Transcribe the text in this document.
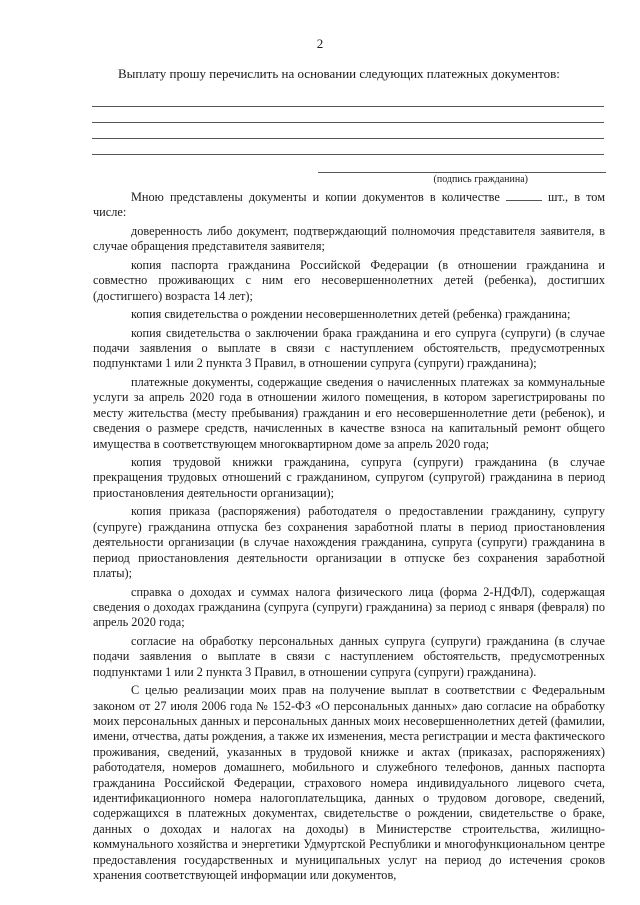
2
Выплату прошу перечислить на основании следующих платежных документов:
(подпись гражданина)

Мною представлены документы и копии документов в количестве	шт., в том числе:

доверенность либо документ, подтверждающий полномочия представителя заявителя, в случае обращения представителя заявителя;

копия паспорта гражданина Российской Федерации (в отношении гражданина и совместно проживающих с ним его несовершеннолетних детей (ребенка), достигших (достигшего) возраста 14 лет);

копия свидетельства о рождении несовершеннолетних детей (ребенка) гражданина;

копия свидетельства о заключении брака гражданина и его супруга (супруги) (в случае подачи заявления о выплате в связи с наступлением обстоятельств, предусмотренных подпунктами 1 или 2 пункта 3 Правил, в отношении супруга (супруги) гражданина);

платежные документы, содержащие сведения о начисленных платежах за коммунальные услуги за апрель 2020 года в отношении жилого помещения, в котором зарегистрированы по месту жительства (месту пребывания) гражданин и его несовершеннолетние дети (ребенок), и сведения о размере средств, начисленных в качестве взноса на капитальный ремонт общего имущества в соответствующем многоквартирном доме за апрель 2020 года;

копия трудовой книжки гражданина, супруга (супруги) гражданина (в случае прекращения трудовых отношений с гражданином, супругом (супругой) гражданина в период приостановления деятельности организации);

копия приказа (распоряжения) работодателя о предоставлении гражданину, супругу (супруге) гражданина отпуска без сохранения заработной платы в период приостановления деятельности организации (в случае нахождения гражданина, супруга (супруги) гражданина в период приостановления деятельности организации в отпуске без сохранения заработной платы);

справка о доходах и суммах налога физического лица (форма 2-НДФЛ), содержащая сведения о доходах гражданина (супруга (супруги) гражданина) за период с января (февраля) по апрель 2020 года;

согласие на обработку персональных данных супруга (супруги) гражданина (в случае подачи заявления о выплате в связи с наступлением обстоятельств, предусмотренных подпунктами 1 или 2 пункта 3 Правил, в отношении супруга (супруги) гражданина).

С целью реализации моих прав на получение выплат в соответствии с Федеральным законом от 27 июля 2006 года № 152-ФЗ «О персональных данных» даю согласие на обработку моих персональных данных и персональных данных моих несовершеннолетних детей (фамилии, имени, отчества, даты рождения, а также их изменения, места регистрации и места фактического проживания, сведений, указанных в трудовой книжке и актах (приказах, распоряжениях) работодателя, номеров домашнего, мобильного и служебного телефонов, данных паспорта гражданина Российской Федерации, страхового номера индивидуального лицевого счета, идентификационного номера налогоплательщика, данных о трудовом договоре, сведений, содержащихся в платежных документах, свидетельстве о рождении, свидетельстве о браке, данных о доходах и налогах на доходы) в Министерстве строительства, жилищно-коммунального хозяйства и энергетики Удмуртской Республики и многофункциональном центре предоставления государственных и муниципальных услуг на период до истечения сроков хранения соответствующей информации или документов,
